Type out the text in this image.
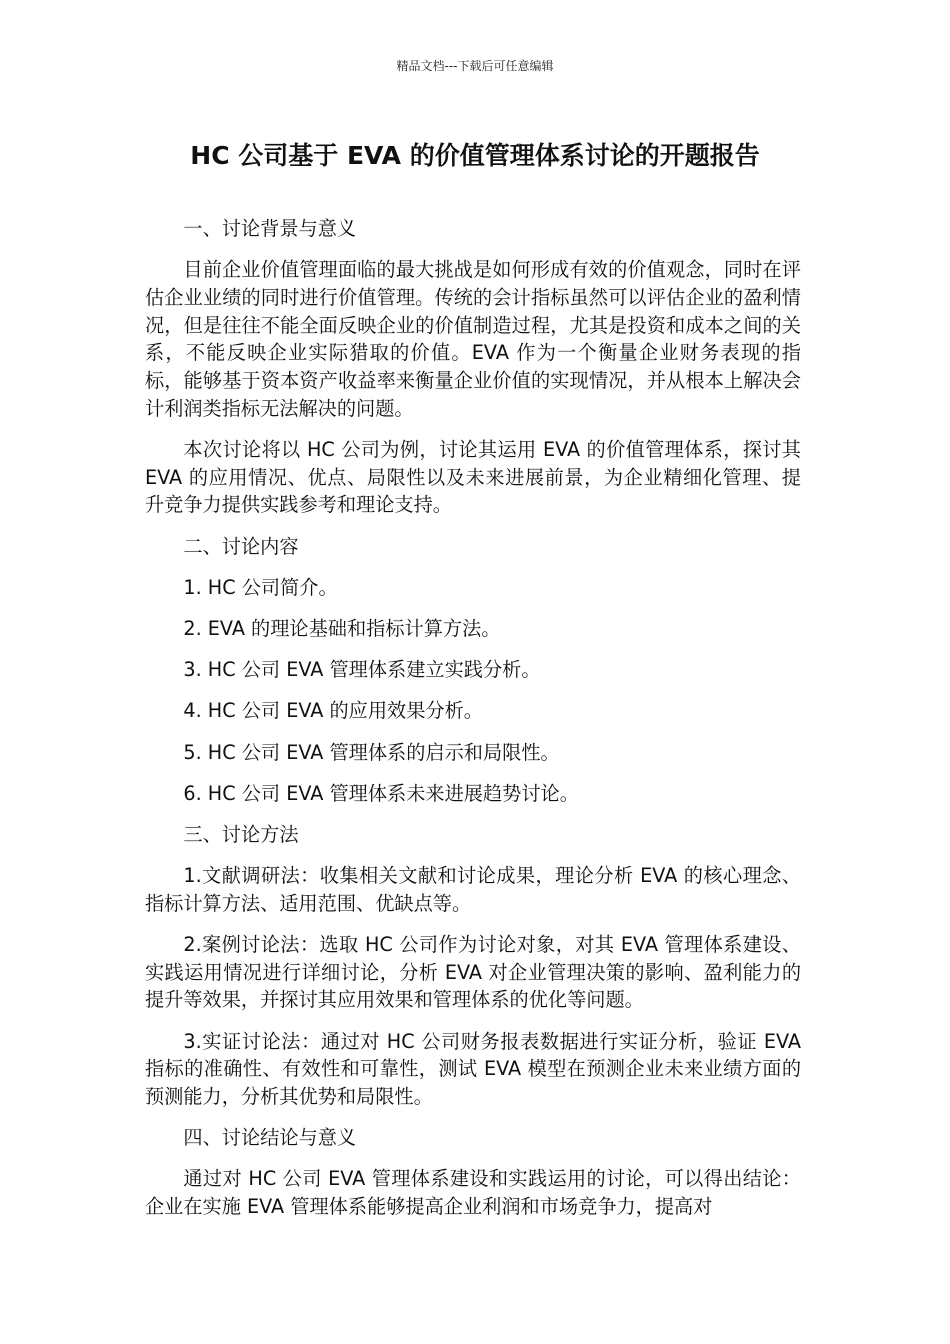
精品文档---下载后可任意编辑
HC 公司基于 EVA 的价值管理体系讨论的开题报告
一、讨论背景与意义

目前企业价值管理面临的最大挑战是如何形成有效的价值观念，同时在评估企业业绩的同时进行价值管理。传统的会计指标虽然可以评估企业的盈利情况，但是往往不能全面反映企业的价值制造过程，尤其是投资和成本之间的关系，不能反映企业实际猎取的价值。EVA 作为一个衡量企业财务表现的指标，能够基于资本资产收益率来衡量企业价值的实现情况，并从根本上解决会计利润类指标无法解决的问题。

本次讨论将以 HC 公司为例，讨论其运用 EVA 的价值管理体系，探讨其 EVA 的应用情况、优点、局限性以及未来进展前景，为企业精细化管理、提升竞争力提供实践参考和理论支持。

二、讨论内容
1. HC 公司简介。
2. EVA 的理论基础和指标计算方法。
3. HC 公司 EVA 管理体系建立实践分析。
4. HC 公司 EVA 的应用效果分析。
5. HC 公司 EVA 管理体系的启示和局限性。
6. HC 公司 EVA 管理体系未来进展趋势讨论。
三、讨论方法

1.文献调研法：收集相关文献和讨论成果，理论分析 EVA 的核心理念、指标计算方法、适用范围、优缺点等。

2.案例讨论法：选取 HC 公司作为讨论对象，对其 EVA 管理体系建设、实践运用情况进行详细讨论，分析 EVA 对企业管理决策的影响、盈利能力的提升等效果，并探讨其应用效果和管理体系的优化等问题。

3.实证讨论法：通过对 HC 公司财务报表数据进行实证分析，验证 EVA 指标的准确性、有效性和可靠性，测试 EVA 模型在预测企业未来业绩方面的预测能力，分析其优势和局限性。

四、讨论结论与意义

通过对 HC 公司 EVA 管理体系建设和实践运用的讨论，可以得出结论：企业在实施 EVA 管理体系能够提高企业利润和市场竞争力，提高对
